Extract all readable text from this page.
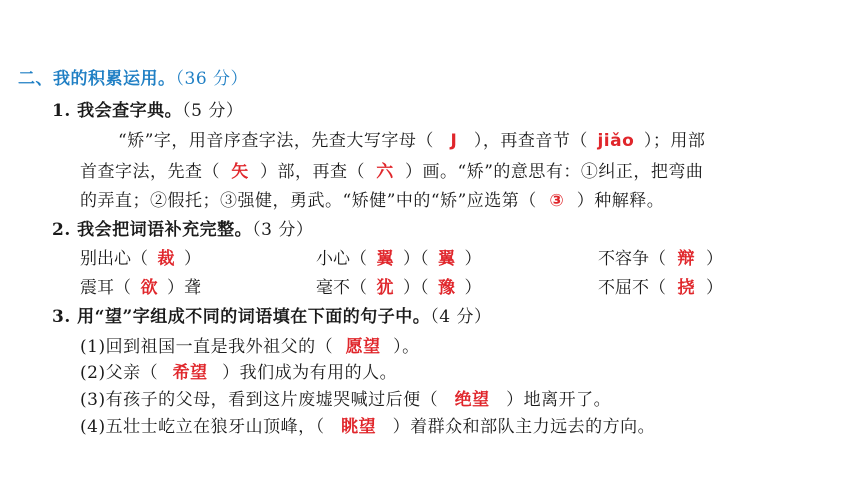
二、我的积累运用。（36 分）
1. 我会查字典。（5 分）
“矫”字，用音序查字法，先查大写字母（ J ），再查音节（ jiǎo ）；用部
首查字法，先查（ 矢 ）部，再查（ 六 ）画。“矫”的意思有：①纠正，把弯曲
的弄直；②假托；③强健，勇武。“矫健”中的“矫”应选第（ ③ ）种解释。
2. 我会把词语补充完整。（3 分）
别出心（ 裁 ）	小心（ 翼 ）（ 翼 ）	不容争（ 辩 ）
震耳（ 欲 ）聋	毫不（ 犹 ）（ 豫 ）	不屈不（ 挠 ）
3. 用“望”字组成不同的词语填在下面的句子中。（4 分）
(1)回到祖国一直是我外祖父的（ 愿望 ）。
(2)父亲（ 希望 ）我们成为有用的人。
(3)有孩子的父母，看到这片废墟哭喊过后便（ 绝望 ）地离开了。
(4)五壮士屹立在狼牙山顶峰，（ 眺望 ）着群众和部队主力远去的方向。
